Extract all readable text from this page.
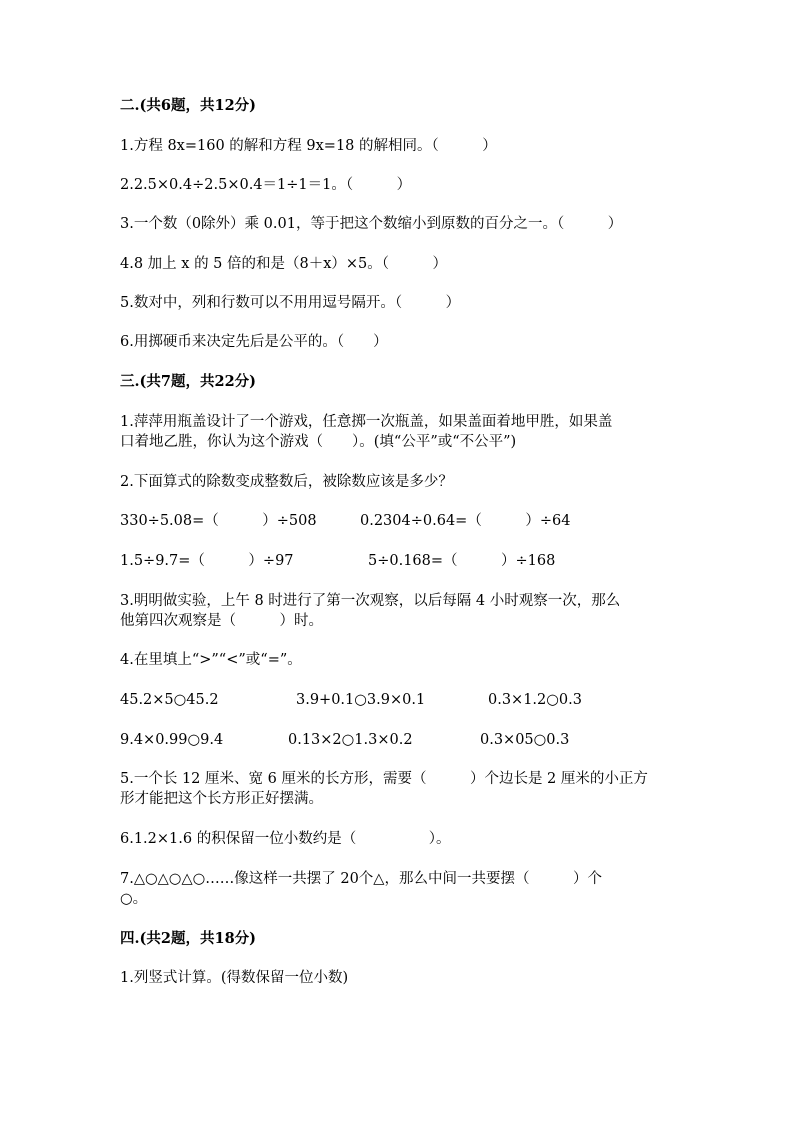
二.(共6题，共12分)
1.方程 8x=160 的解和方程 9x=18 的解相同。（　　　）
2.2.5×0.4÷2.5×0.4＝1÷1＝1。（　　　）
3.一个数（0除外）乘 0.01，等于把这个数缩小到原数的百分之一。（　　　）
4.8 加上 x 的 5 倍的和是（8＋x）×5。（　　　）
5.数对中，列和行数可以不用用逗号隔开。（　　　）
6.用掷硬币来决定先后是公平的。（　　）
三.(共7题，共22分)
1.萍萍用瓶盖设计了一个游戏，任意掷一次瓶盖，如果盖面着地甲胜，如果盖
口着地乙胜，你认为这个游戏（　　）。(填“公平”或“不公平”)
2.下面算式的除数变成整数后，被除数应该是多少？
330÷5.08=（　　　）÷508	0.2304÷0.64=（　　　）÷64
1.5÷9.7=（　　　）÷97	5÷0.168=（　　　）÷168
3.明明做实验，上午 8 时进行了第一次观察，以后每隔 4 小时观察一次，那么
他第四次观察是（　　　）时。
4.在里填上“>”“<”或“=”。
45.2×5○45.2	3.9+0.1○3.9×0.1	0.3×1.2○0.3
9.4×0.99○9.4	0.13×2○1.3×0.2	0.3×05○0.3
5.一个长 12 厘米、宽 6 厘米的长方形，需要（　　　）个边长是 2 厘米的小正方
形才能把这个长方形正好摆满。
6.1.2×1.6 的积保留一位小数约是（　　　　　）。
7.△○△○△○……像这样一共摆了 20个△，那么中间一共要摆（　　　）个
○。
四.(共2题，共18分)
1.列竖式计算。(得数保留一位小数)
